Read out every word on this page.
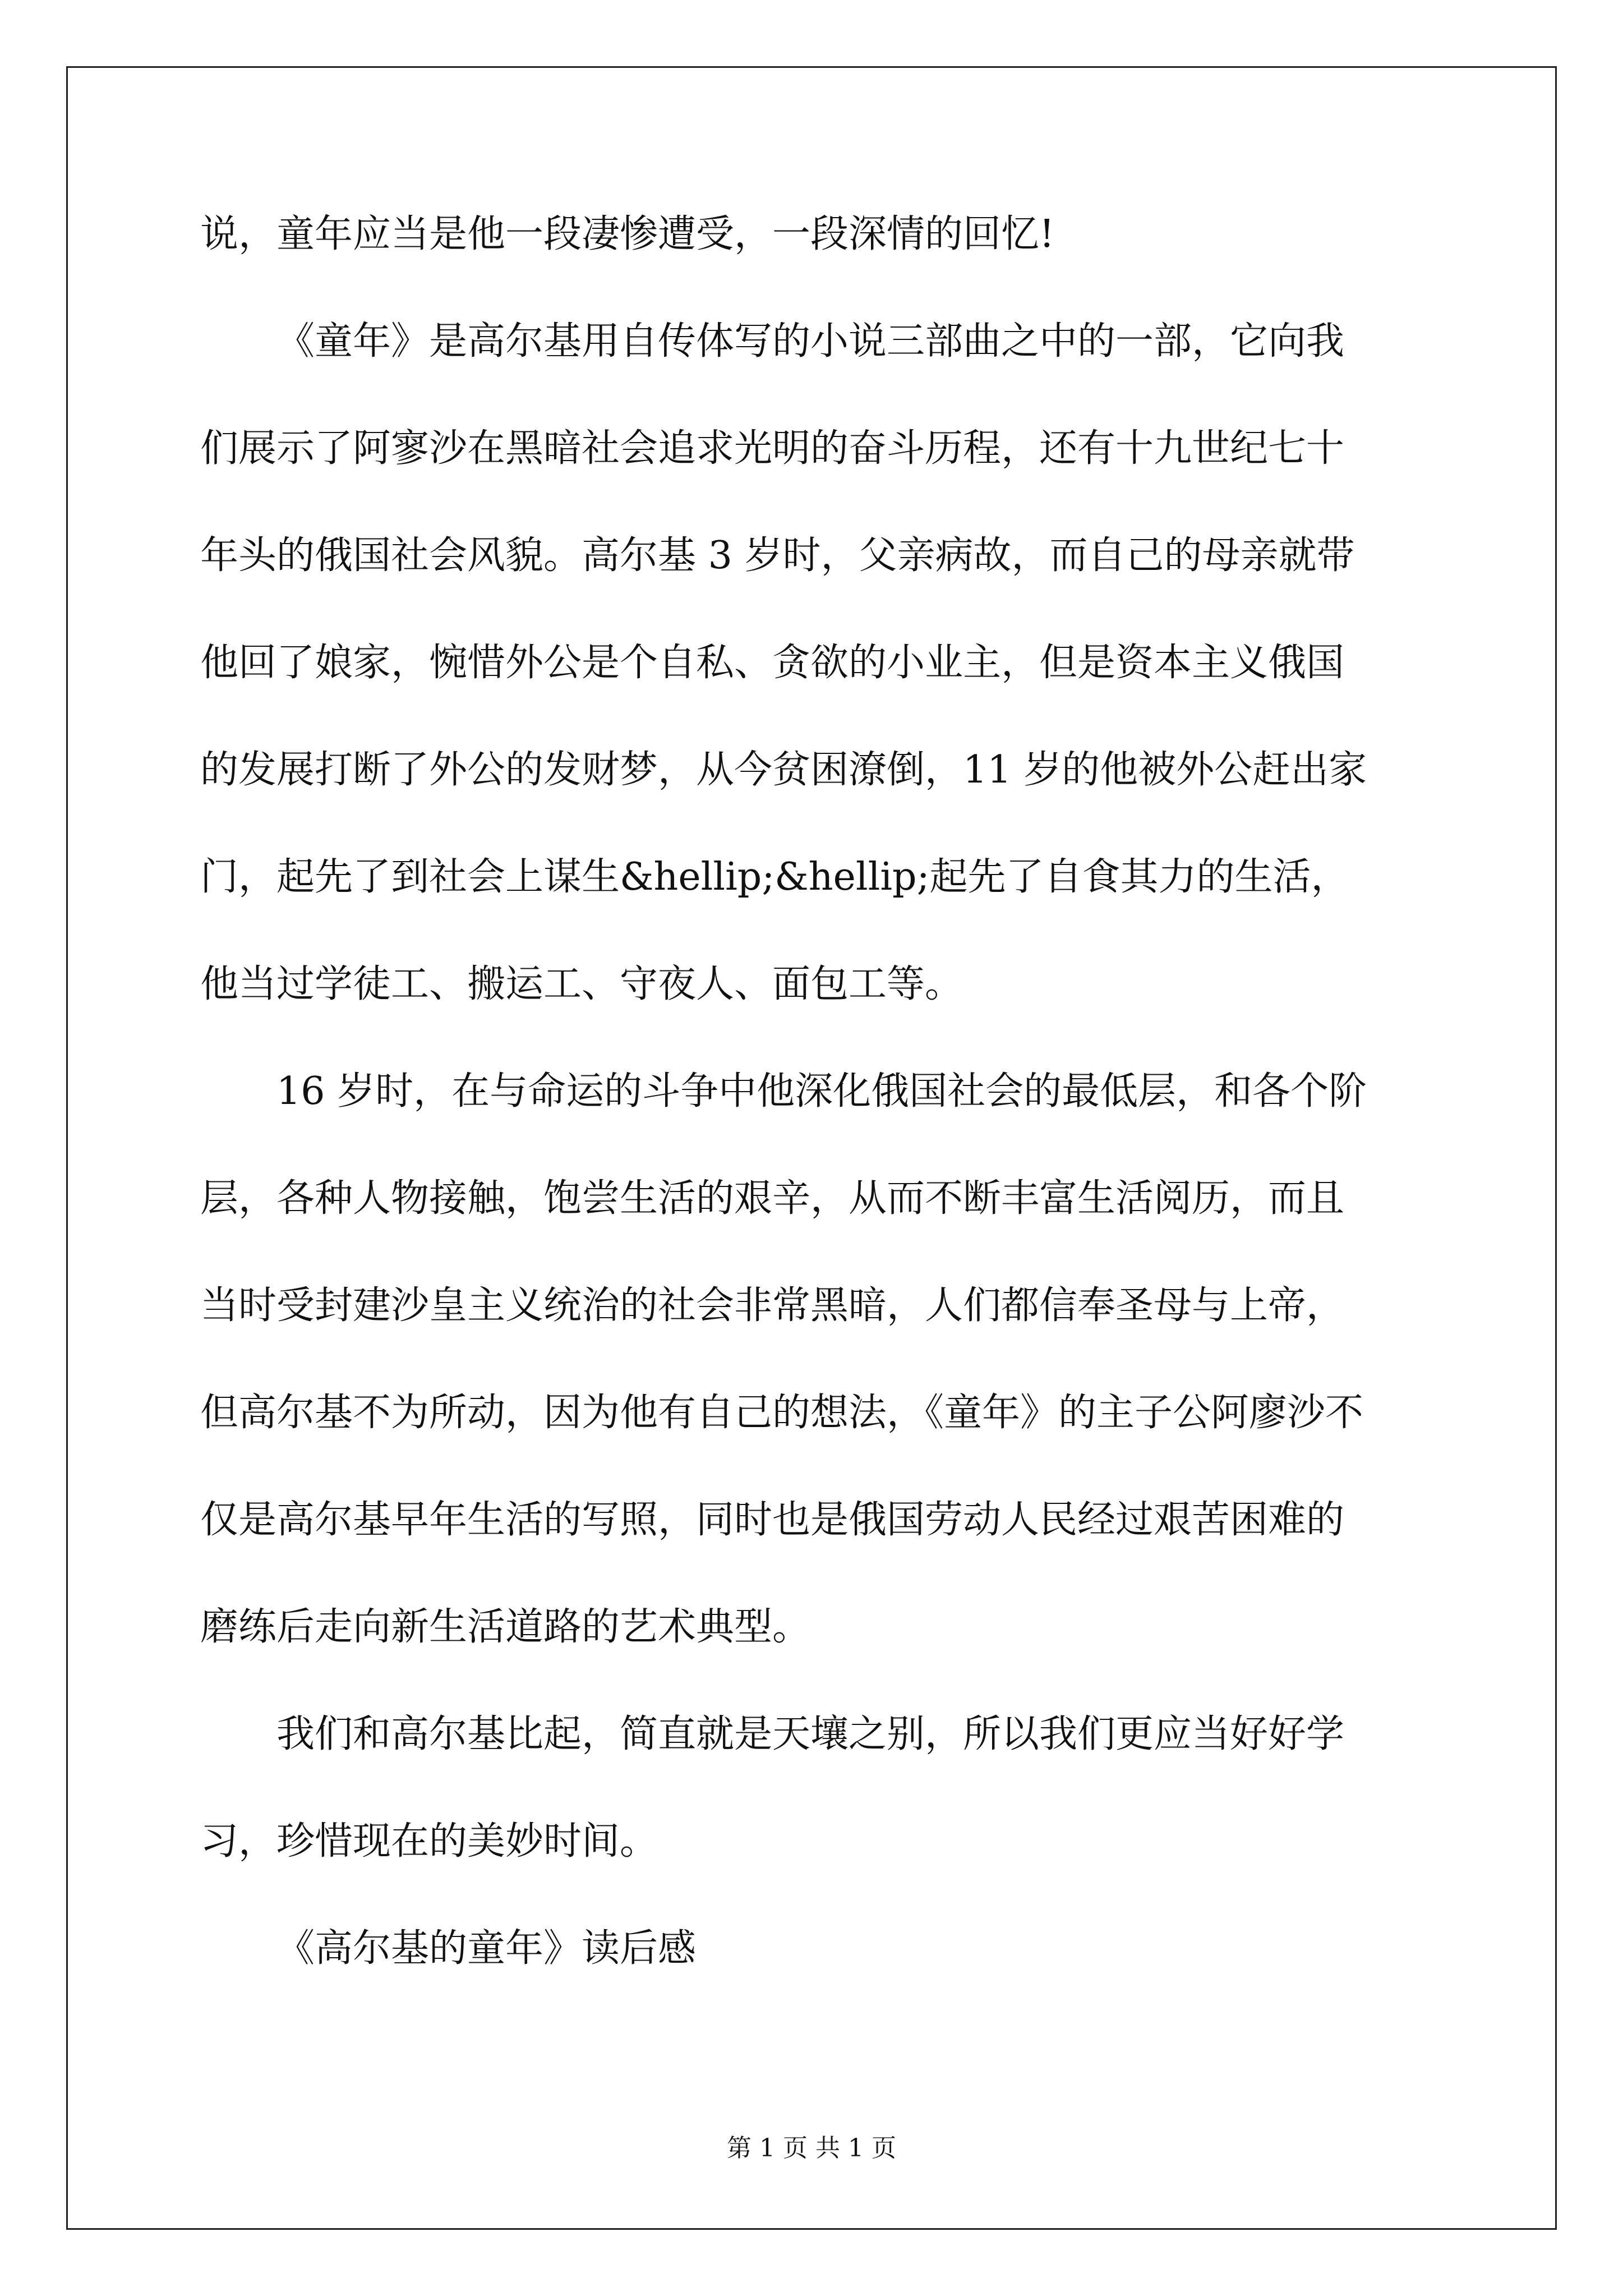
说，童年应当是他一段凄惨遭受，一段深情的回忆!
《童年》是高尔基用自传体写的小说三部曲之中的一部，它向我
们展示了阿寥沙在黑暗社会追求光明的奋斗历程，还有十九世纪七十
年头的俄国社会风貌。高尔基 3 岁时，父亲病故，而自己的母亲就带
他回了娘家，惋惜外公是个自私、贪欲的小业主，但是资本主义俄国
的发展打断了外公的发财梦，从今贫困潦倒，11 岁的他被外公赶出家
门，起先了到社会上谋生&hellip;&hellip;起先了自食其力的生活，
他当过学徒工、搬运工、守夜人、面包工等。
16 岁时，在与命运的斗争中他深化俄国社会的最低层，和各个阶
层，各种人物接触，饱尝生活的艰辛，从而不断丰富生活阅历，而且
当时受封建沙皇主义统治的社会非常黑暗，人们都信奉圣母与上帝，
但高尔基不为所动，因为他有自己的想法，《童年》的主子公阿廖沙不
仅是高尔基早年生活的写照，同时也是俄国劳动人民经过艰苦困难的
磨练后走向新生活道路的艺术典型。
我们和高尔基比起，简直就是天壤之别，所以我们更应当好好学
习，珍惜现在的美妙时间。
《高尔基的童年》读后感
第 1 页 共 1 页
